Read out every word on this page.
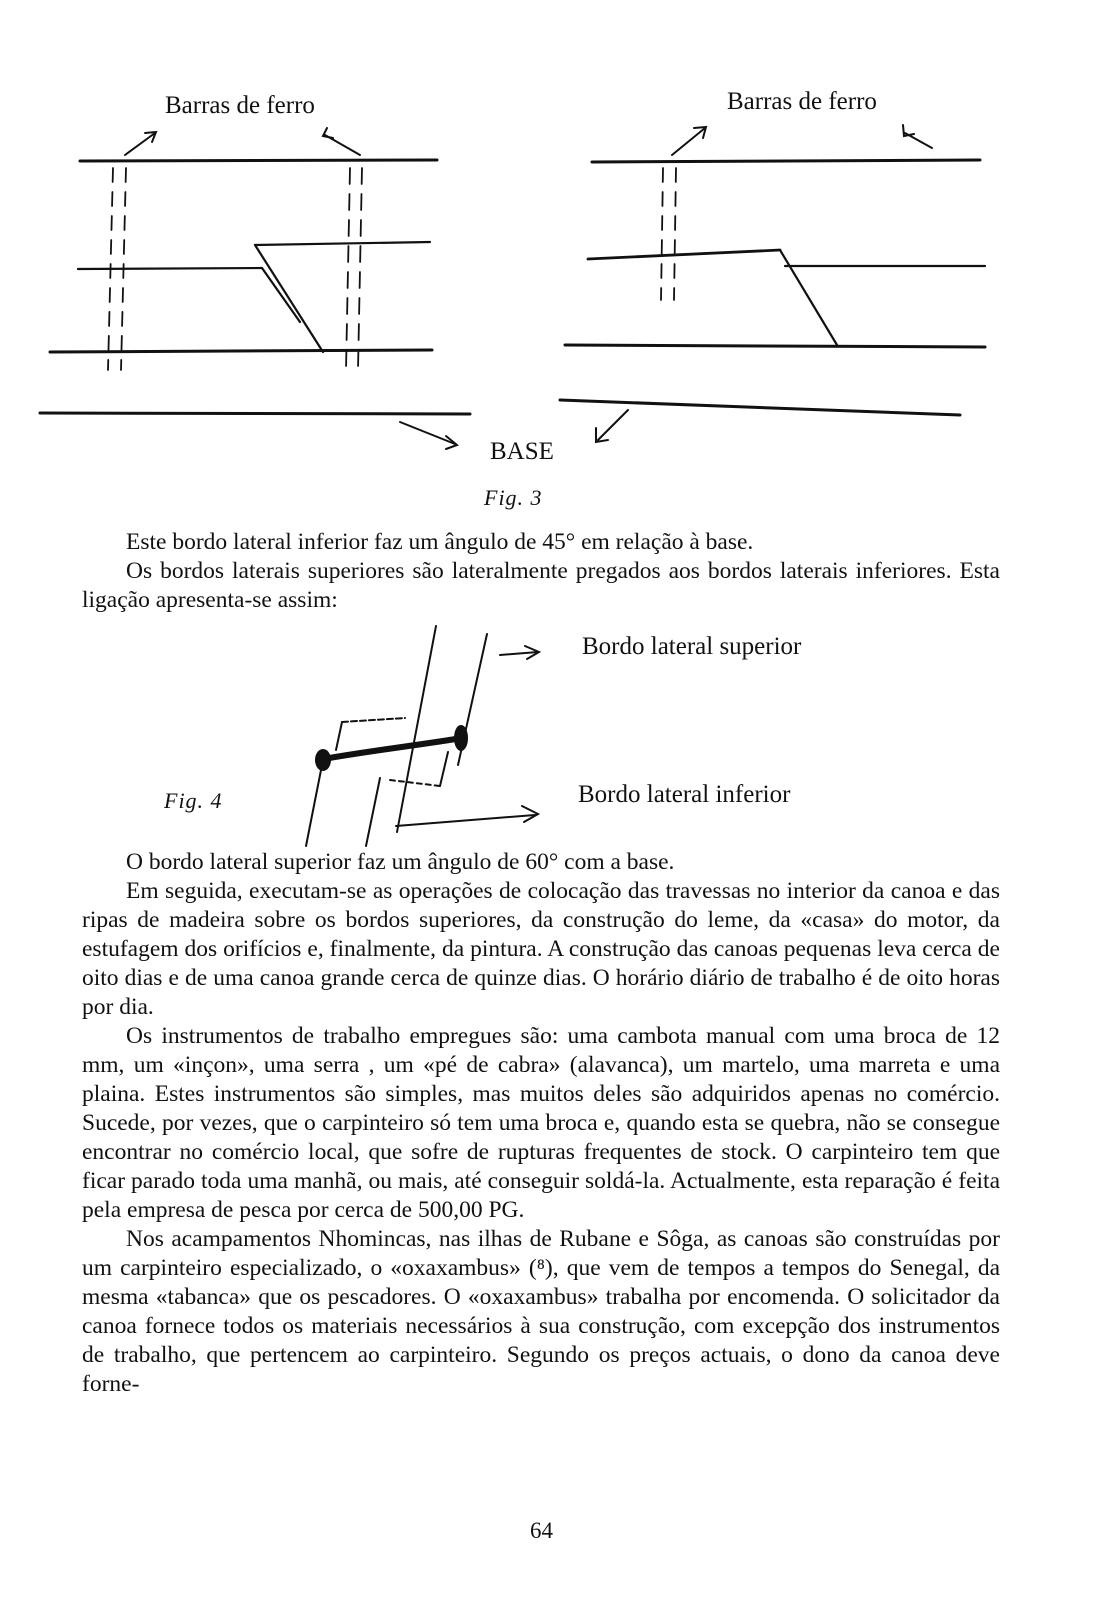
Barras de ferro	Barras de ferro
BASE
Fig. 3

Este bordo lateral inferior faz um ângulo de 45° em relação à base.

Os bordos laterais superiores são lateralmente pregados aos bordos laterais inferiores. Esta ligação apresenta-se assim:

Bordo lateral superior
Bordo lateral inferior
Fig. 4

O bordo lateral superior faz um ângulo de 60° com a base.

Em seguida, executam-se as operações de colocação das travessas no interior da canoa e das ripas de madeira sobre os bordos superiores, da construção do leme, da «casa» do motor, da estufagem dos orifícios e, finalmente, da pintura. A construção das canoas pequenas leva cerca de oito dias e de uma canoa grande cerca de quinze dias. O horário diário de trabalho é de oito horas por dia.

Os instrumentos de trabalho empregues são: uma cambota manual com uma broca de 12 mm, um «inçon», uma serra , um «pé de cabra» (alavanca), um martelo, uma marreta e uma plaina. Estes instrumentos são simples, mas muitos deles são adquiridos apenas no comércio. Sucede, por vezes, que o carpinteiro só tem uma broca e, quando esta se quebra, não se consegue encontrar no comércio local, que sofre de rupturas frequentes de stock. O carpinteiro tem que ficar parado toda uma manhã, ou mais, até conseguir soldá-la. Actualmente, esta reparação é feita pela empresa de pesca por cerca de 500,00 PG.

Nos acampamentos Nhomincas, nas ilhas de Rubane e Sôga, as canoas são construídas por um carpinteiro especializado, o «oxaxambus» (⁸), que vem de tempos a tempos do Senegal, da mesma «tabanca» que os pescadores. O «oxaxambus» trabalha por encomenda. O solicitador da canoa fornece todos os materiais necessários à sua construção, com excepção dos instrumentos de trabalho, que pertencem ao carpinteiro. Segundo os preços actuais, o dono da canoa deve forne-

64
